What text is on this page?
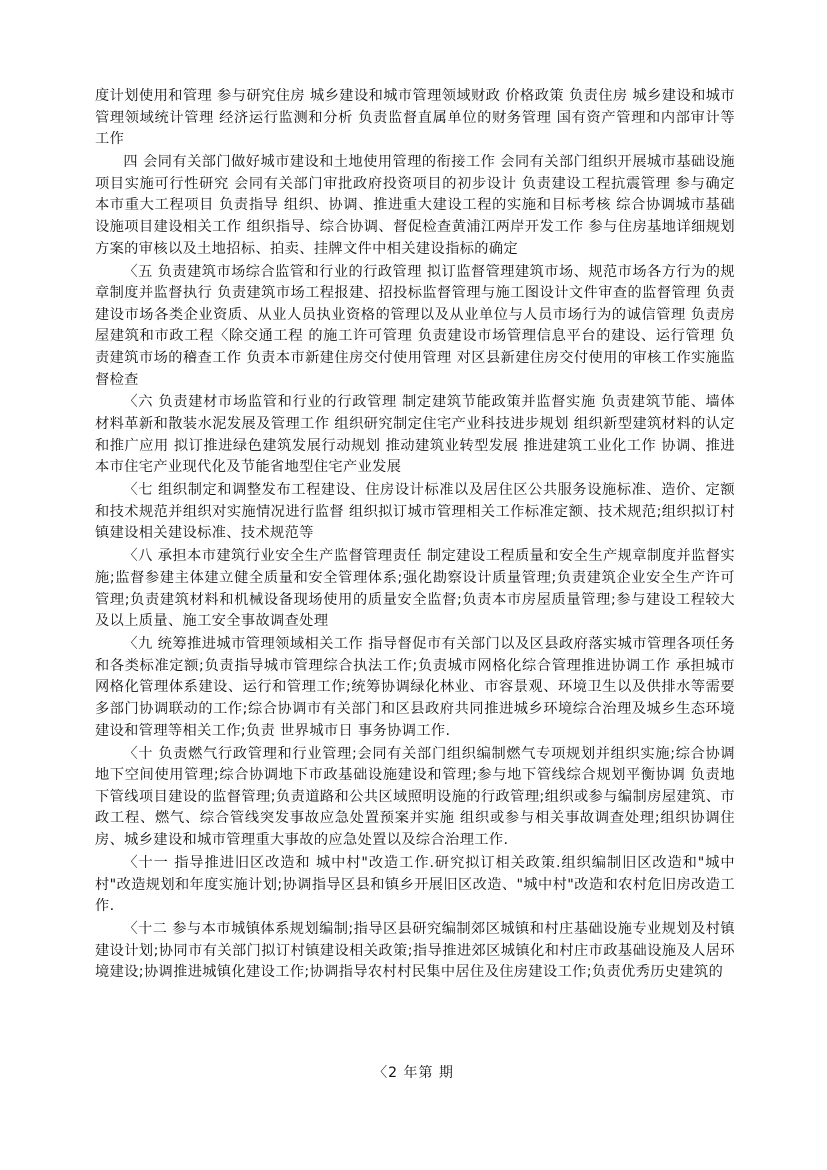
度计划使用和管理 参与研究住房 城乡建设和城市管理领域财政 价格政策 负责住房 城乡建设和城市管理领域统计管理 经济运行监测和分析 负责监督直属单位的财务管理 国有资产管理和内部审计等工作

四 会同有关部门做好城市建设和土地使用管理的衔接工作 会同有关部门组织开展城市基础设施项目实施可行性研究 会同有关部门审批政府投资项目的初步设计 负责建设工程抗震管理 参与确定本市重大工程项目 负责指导 组织、协调、推进重大建设工程的实施和目标考核 综合协调城市基础设施项目建设相关工作 组织指导、综合协调、督促检查黄浦江两岸开发工作 参与住房基地详细规划方案的审核以及土地招标、拍卖、挂牌文件中相关建设指标的确定

〈五 负责建筑市场综合监管和行业的行政管理 拟订监督管理建筑市场、规范市场各方行为的规章制度并监督执行 负责建筑市场工程报建、招投标监督管理与施工图设计文件审查的监督管理 负责建设市场各类企业资质、从业人员执业资格的管理以及从业单位与人员市场行为的诚信管理 负责房屋建筑和市政工程〈除交通工程 的施工许可管理 负责建设市场管理信息平台的建设、运行管理 负责建筑市场的稽查工作 负责本市新建住房交付使用管理 对区县新建住房交付使用的审核工作实施监督检查

〈六 负责建材市场监管和行业的行政管理 制定建筑节能政策并监督实施 负责建筑节能、墙体材料革新和散装水泥发展及管理工作 组织研究制定住宅产业科技进步规划 组织新型建筑材料的认定和推广应用 拟订推进绿色建筑发展行动规划 推动建筑业转型发展 推进建筑工业化工作 协调、推进本市住宅产业现代化及节能省地型住宅产业发展

〈七 组织制定和调整发布工程建设、住房设计标准以及居住区公共服务设施标准、造价、定额和技术规范并组织对实施情况进行监督 组织拟订城市管理相关工作标准定额、技术规范;组织拟订村镇建设相关建设标准、技术规范等

〈八 承担本市建筑行业安全生产监督管理责任 制定建设工程质量和安全生产规章制度并监督实施;监督参建主体建立健全质量和安全管理体系;强化勘察设计质量管理;负责建筑企业安全生产许可管理;负责建筑材料和机械设备现场使用的质量安全监督;负责本市房屋质量管理;参与建设工程较大及以上质量、施工安全事故调查处理

〈九 统筹推进城市管理领域相关工作 指导督促市有关部门以及区县政府落实城市管理各项任务和各类标准定额;负责指导城市管理综合执法工作;负责城市网格化综合管理推进协调工作 承担城市网格化管理体系建设、运行和管理工作;统筹协调绿化林业、市容景观、环境卫生以及供排水等需要多部门协调联动的工作;综合协调市有关部门和区县政府共同推进城乡环境综合治理及城乡生态环境建设和管理等相关工作;负责 世界城市日 事务协调工作.

〈十 负责燃气行政管理和行业管理;会同有关部门组织编制燃气专项规划并组织实施;综合协调地下空间使用管理;综合协调地下市政基础设施建设和管理;参与地下管线综合规划平衡协调 负责地下管线项目建设的监督管理;负责道路和公共区域照明设施的行政管理;组织或参与编制房屋建筑、市政工程、燃气、综合管线突发事故应急处置预案并实施 组织或参与相关事故调查处理;组织协调住房、城乡建设和城市管理重大事故的应急处置以及综合治理工作.

〈十一 指导推进旧区改造和 城中村"改造工作.研究拟订相关政策.组织编制旧区改造和"城中村"改造规划和年度实施计划;协调指导区县和镇乡开展旧区改造、"城中村"改造和农村危旧房改造工作.

〈十二 参与本市城镇体系规划编制;指导区县研究编制郊区城镇和村庄基础设施专业规划及村镇建设计划;协同市有关部门拟订村镇建设相关政策;指导推进郊区城镇化和村庄市政基础设施及人居环境建设;协调推进城镇化建设工作;协调指导农村村民集中居住及住房建设工作;负责优秀历史建筑的

〈2 年第 期
